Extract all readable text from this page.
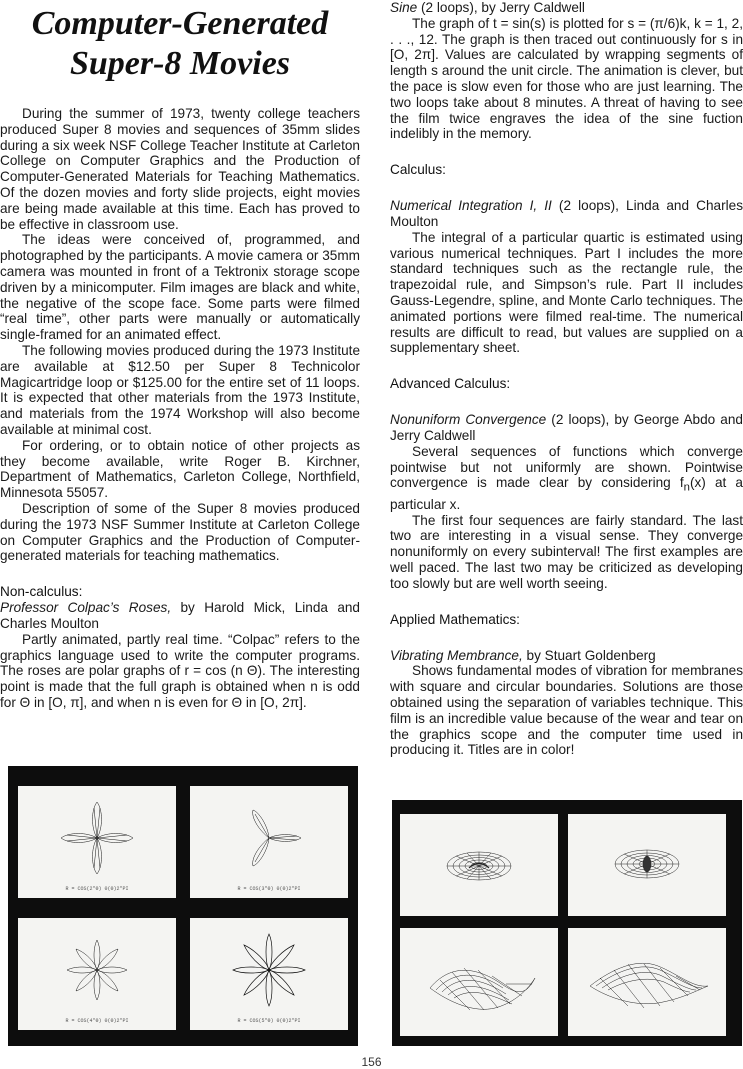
Computer-Generated
Super-8 Movies

During the summer of 1973, twenty college teachers produced Super 8 movies and sequences of 35mm slides during a six week NSF College Teacher Institute at Carleton College on Computer Graphics and the Production of Computer-Generated Materials for Teaching Mathematics. Of the dozen movies and forty slide projects, eight movies are being made available at this time. Each has proved to be effective in classroom use.

The ideas were conceived of, programmed, and photographed by the participants. A movie camera or 35mm camera was mounted in front of a Tektronix storage scope driven by a minicomputer. Film images are black and white, the negative of the scope face. Some parts were filmed “real time”, other parts were manually or automatically single-framed for an animated effect.

The following movies produced during the 1973 Institute are available at $12.50 per Super 8 Technicolor Magicartridge loop or $125.00 for the entire set of 11 loops. It is expected that other materials from the 1973 Institute, and materials from the 1974 Workshop will also become available at minimal cost.

For ordering, or to obtain notice of other projects as they become available, write Roger B. Kirchner, Department of Mathematics, Carleton College, Northfield, Minnesota 55057.

Description of some of the Super 8 movies produced during the 1973 NSF Summer Institute at Carleton College on Computer Graphics and the Production of Computer-generated materials for teaching mathematics.

Non-calculus:

Professor Colpac’s Roses, by Harold Mick, Linda and Charles Moulton

Partly animated, partly real time. “Colpac” refers to the graphics language used to write the computer programs. The roses are polar graphs of r = cos (n Θ). The interesting point is made that the full graph is obtained when n is odd for Θ in [O, π], and when n is even for Θ in [O, 2π].

R = COS(2*Θ) 0(Θ)2*PI	R = COS(3*Θ) 0(Θ)2*PI
R = COS(4*Θ) 0(Θ)2*PI	R = COS(5*Θ) 0(Θ)2*PI

Sine (2 loops), by Jerry Caldwell

The graph of t = sin(s) is plotted for s = (π/6)k, k = 1, 2, . . ., 12. The graph is then traced out continuously for s in [O, 2π]. Values are calculated by wrapping segments of length s around the unit circle. The animation is clever, but the pace is slow even for those who are just learning. The two loops take about 8 minutes. A threat of having to see the film twice engraves the idea of the sine fuction indelibly in the memory.

Calculus:

Numerical Integration I, II (2 loops), Linda and Charles Moulton

The integral of a particular quartic is estimated using various numerical techniques. Part I includes the more standard techniques such as the rectangle rule, the trapezoidal rule, and Simpson’s rule. Part II includes Gauss-Legendre, spline, and Monte Carlo techniques. The animated portions were filmed real-time. The numerical results are difficult to read, but values are supplied on a supplementary sheet.

Advanced Calculus:

Nonuniform Convergence (2 loops), by George Abdo and Jerry Caldwell

Several sequences of functions which converge pointwise but not uniformly are shown. Pointwise convergence is made clear by considering $f_n(x)$ at a particular x.

The first four sequences are fairly standard. The last two are interesting in a visual sense. They converge nonuniformly on every subinterval! The first examples are well paced. The last two may be criticized as developing too slowly but are well worth seeing.

Applied Mathematics:

Vibrating Membrance, by Stuart Goldenberg

Shows fundamental modes of vibration for membranes with square and circular boundaries. Solutions are those obtained using the separation of variables technique. This film is an incredible value because of the wear and tear on the graphics scope and the computer time used in producing it. Titles are in color!

156
